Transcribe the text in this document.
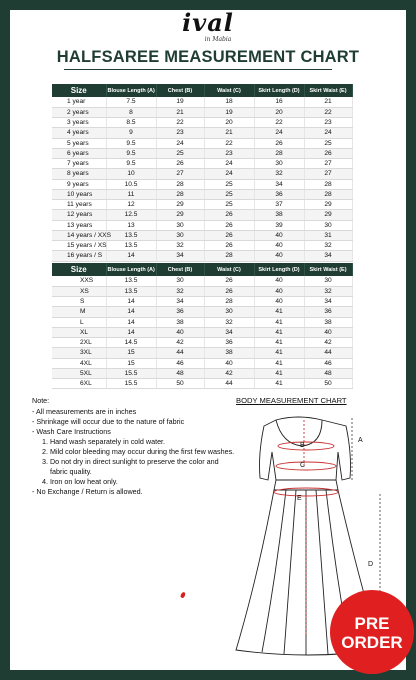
ival
in Mabia
HALFSAREE MEASUREMENT CHART
Size	Blouse Length (A)	Chest (B)	Waist (C)	Skirt Length (D)	Skirt Waist (E)
1 year	7.5	19	18	16	21
2 years	8	21	19	20	22
3 years	8.5	22	20	22	23
4 years	9	23	21	24	24
5 years	9.5	24	22	26	25
6 years	9.5	25	23	28	26
7 years	9.5	26	24	30	27
8 years	10	27	24	32	27
9 years	10.5	28	25	34	28
10 years	11	28	25	36	28
11 years	12	29	25	37	29
12 years	12.5	29	26	38	29
13 years	13	30	26	39	30
14 years / XXS	13.5	30	26	40	31
15 years / XS	13.5	32	26	40	32
16 years / S	14	34	28	40	34
Size	Blouse Length (A)	Chest (B)	Waist (C)	Skirt Length (D)	Skirt Waist (E)
XXS	13.5	30	26	40	30
XS	13.5	32	26	40	32
S	14	34	28	40	34
M	14	36	30	41	36
L	14	38	32	41	38
XL	14	40	34	41	40
2XL	14.5	42	36	41	42
3XL	15	44	38	41	44
4XL	15	46	40	41	46
5XL	15.5	48	42	41	48
6XL	15.5	50	44	41	50
Note:
- All measurements are in inches
- Shrinkage will occur due to the nature of fabric
- Wash Care Instructions
1. Hand wash separately in cold water.
2. Mild color bleeding may occur during the first few washes.
3. Do not dry in direct sunlight to preserve the color and
fabric quality.
4. Iron on low heat only.
- No Exchange / Return is allowed.
BODY MEASUREMENT CHART
A
B
C
D
E
PRE
ORDER
